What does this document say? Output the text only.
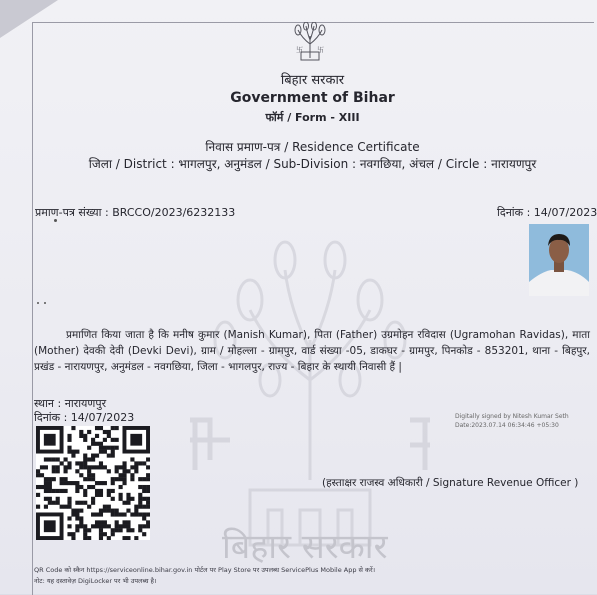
बिहार सरकार
卐 卐
बिहार सरकार
Government of Bihar
फॉर्म / Form - XIII
निवास प्रमाण-पत्र / Residence Certificate
जिला / District : भागलपुर, अनुमंडल / Sub-Division : नवगछिया, अंचल / Circle : नारायणपुर
प्रमाण-पत्र संख्या : BRCCO/2023/6232133	दिनांक : 14/07/2023

प्रमाणित किया जाता है कि मनीष कुमार (Manish Kumar), पिता (Father) उग्रमोहन रविदास (Ugramohan Ravidas), माता (Mother) देवकी देवी (Devki Devi), ग्राम / मोहल्ला - ग्रामपुर, वार्ड संख्या -05, डाकघर - ग्रामपुर, पिनकोड - 853201, थाना - बिहपुर, प्रखंड - नारायणपुर, अनुमंडल - नवगछिया, जिला - भागलपुर, राज्य - बिहार के स्थायी निवासी हैं |

स्थान : नारायणपुर
दिनांक : 14/07/2023	Digitally signed by Nitesh Kumar Seth
Date:2023.07.14 06:34:46 +05:30
(हस्ताक्षर राजस्व अधिकारी / Signature Revenue Officer )
QR Code को स्कैन https://serviceonline.bihar.gov.in पोर्टल पर Play Store पर उपलब्ध ServicePlus Mobile App से करें।
नोट: यह दस्तावेज़ DigiLocker पर भी उपलब्ध है।
